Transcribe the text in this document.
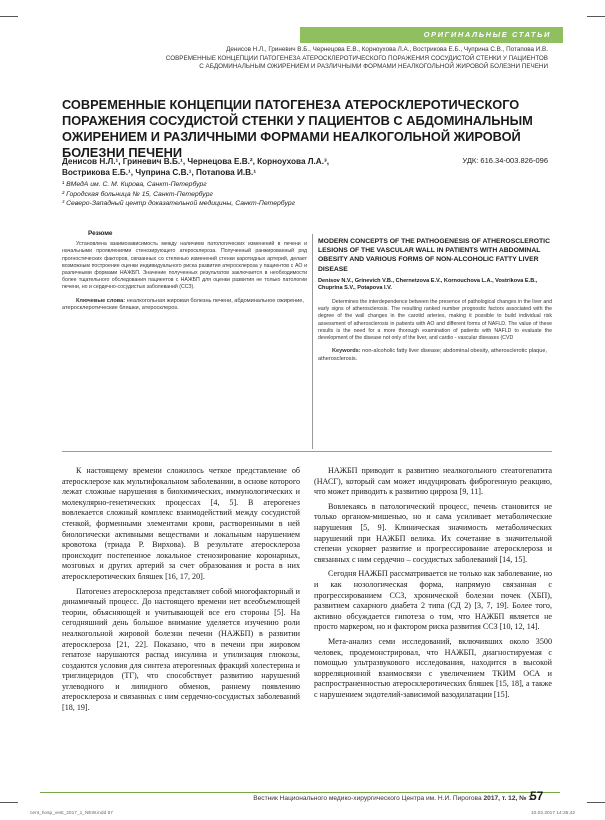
ОРИГИНАЛЬНЫЕ СТАТЬИ
Денисов Н.Л., Гриневич В.Б., Чернецова Е.В., Корноухова Л.А., Вострикова Е.Б., Чуприна С.В., Потапова И.В.
СОВРЕМЕННЫЕ КОНЦЕПЦИИ ПАТОГЕНЕЗА АТЕРОСКЛЕРОТИЧЕСКОГО ПОРАЖЕНИЯ СОСУДИСТОЙ СТЕНКИ У ПАЦИЕНТОВ
С АБДОМИНАЛЬНЫМ ОЖИРЕНИЕМ И РАЗЛИЧНЫМИ ФОРМАМИ НЕАЛКОГОЛЬНОЙ ЖИРОВОЙ БОЛЕЗНИ ПЕЧЕНИ
СОВРЕМЕННЫЕ КОНЦЕПЦИИ ПАТОГЕНЕЗА АТЕРОСКЛЕРОТИЧЕСКОГО ПОРАЖЕНИЯ СОСУДИСТОЙ СТЕНКИ У ПАЦИЕНТОВ С АБДОМИНАЛЬНЫМ ОЖИРЕНИЕМ И РАЗЛИЧНЫМИ ФОРМАМИ НЕАЛКОГОЛЬНОЙ ЖИРОВОЙ БОЛЕЗНИ ПЕЧЕНИ
Денисов Н.Л.¹, Гриневич В.Б.¹, Чернецова Е.В.², Корноухова Л.А.³,
Вострикова Е.Б.¹, Чуприна С.В.¹, Потапова И.В.¹
УДК: 616.34-003.826-096
¹ ВМедА им. С. М. Кирова, Санкт-Петербург
² Городская больница № 15, Санкт-Петербург
³ Северо-Западный центр доказательной медицины, Санкт-Петербург
Резюме

Установлена взаимозависимость между наличием патологических изменений в печени и начальными проявлениями стенозирующего атеросклероза. Полученный ранжированный ряд прогностических факторов, связанных со степенью изменений стенки каротидных артерий, делает возможным построение оценки индивидуального риска развития атеросклероза у пациентов с АО и различными формами НАЖБП. Значение полученных результатов заключается в необходимости более тщательного обследования пациентов с НАЖБП для оценки развития не только патологии печени, но и сердечно-сосудистых заболеваний (ССЗ).

Ключевые слова: неалкогольная жировая болезнь печени, абдоминальное ожирение, атеросклеротические бляшки, атеросклероз.

MODERN CONCEPTS OF THE PATHOGENESIS OF ATHEROSCLEROTIC LESIONS OF THE VASCULAR WALL IN PATIENTS WITH ABDOMINAL OBESITY AND VARIOUS FORMS OF NON-ALCOHOLIC FATTY LIVER DISEASE
Denisov N.V., Grinevich V.B., Chernetzova E.V., Kornouchova L.A., Vostrikova E.B., Chuprina S.V., Potapova I.V.

Determines the interdependence between the presence of pathological changes in the liver and early signs of atherosclerosis. The resulting ranked number prognostic factors associated with the degree of the wall changes in the carotid arteries, making it possible to build individual risk assessment of atherosclerosis in patients with AO and different forms of NAFLD. The value of these results is the need for a more thorough examination of patients with NAFLD to evaluate the development of the disease not only of the liver, and cardio - vascular diseases (CVD

Keywords: non-alcoholic fatty liver disease; abdominal obesity, atherosclerotic plaque, atherosclerosis.

К настоящему времени сложилось четкое представление об атеросклерозе как мультифокальном заболевании, в основе которого лежат сложные нарушения в биохимических, иммунологических и молекулярно-генетических процессах [4, 5]. В атерогенез вовлекается сложный комплекс взаимодействий между сосудистой стенкой, форменными элементами крови, растворенными в ней биологически активными веществами и локальным нарушением кровотока (триада Р. Вирхова). В результате атеросклероза происходит постепенное локальное стенозирование коронарных, мозговых и других артерий за счет образования и роста в них атеросклеротических бляшек [16, 17, 20].

Патогенез атеросклероза представляет собой многофакторный и динамичный процесс. До настоящего времени нет всеобъемлющей теории, объясняющей и учитывающей все его стороны [5]. На сегодняшний день большое внимание уделяется изучению роли неалкогольной жировой болезни печени (НАЖБП) в развитии атеросклероза [21, 22]. Показано, что в печени при жировом гепатозе нарушаются распад инсулина и утилизация глюкозы, создаются условия для синтеза атерогенных фракций холестерина и триглицеридов (ТГ), что способствует развитию нарушений углеводного и липидного обменов, раннему появлению атеросклероза и связанных с ним сердечно-сосудистых заболеваний [18, 19].

НАЖБП приводит к развитию неалкогольного стеатогепатита (НАСГ), который сам может индуцировать фиброгенную реакцию, что может приводить к развитию цирроза [9, 11].

Вовлекаясь в патологический процесс, печень становится не только органом-мишенью, но и сама усиливает метаболические нарушения [5, 9]. Клиническая значимость метаболических нарушений при НАЖБП велика. Их сочетание в значительной степени ускоряет развитие и прогрессирование атеросклероза и связанных с ним сердечно – сосудистых заболеваний [14, 15].

Сегодня НАЖБП рассматривается не только как заболевание, но и как нозологическая форма, напрямую связанная с прогрессированием ССЗ, хронической болезни почек (ХБП), развитием сахарного диабета 2 типа (СД 2) [3, 7, 19]. Более того, активно обсуждается гипотеза о том, что НАЖБП является не просто маркером, но и фактором риска развития ССЗ [10, 12, 14].

Мета-анализ семи исследований, включивших около 3500 человек, продемонстрировал, что НАЖБП, диагностируемая с помощью ультразвукового исследования, находится в высокой корреляционной взаимосвязи с увеличением ТКИМ ОСА и распространенностью атеросклеротических бляшек [15, 18], а также с нарушением эндотелий-зависимой вазодилатации [15].

Вестник Национального медико-хирургического Центра им. Н.И. Пирогова 2017, т. 12, № 1
57
cent_hosp_vest_2017_1_NEW.indd 57	10.02.2017 14:35:42
